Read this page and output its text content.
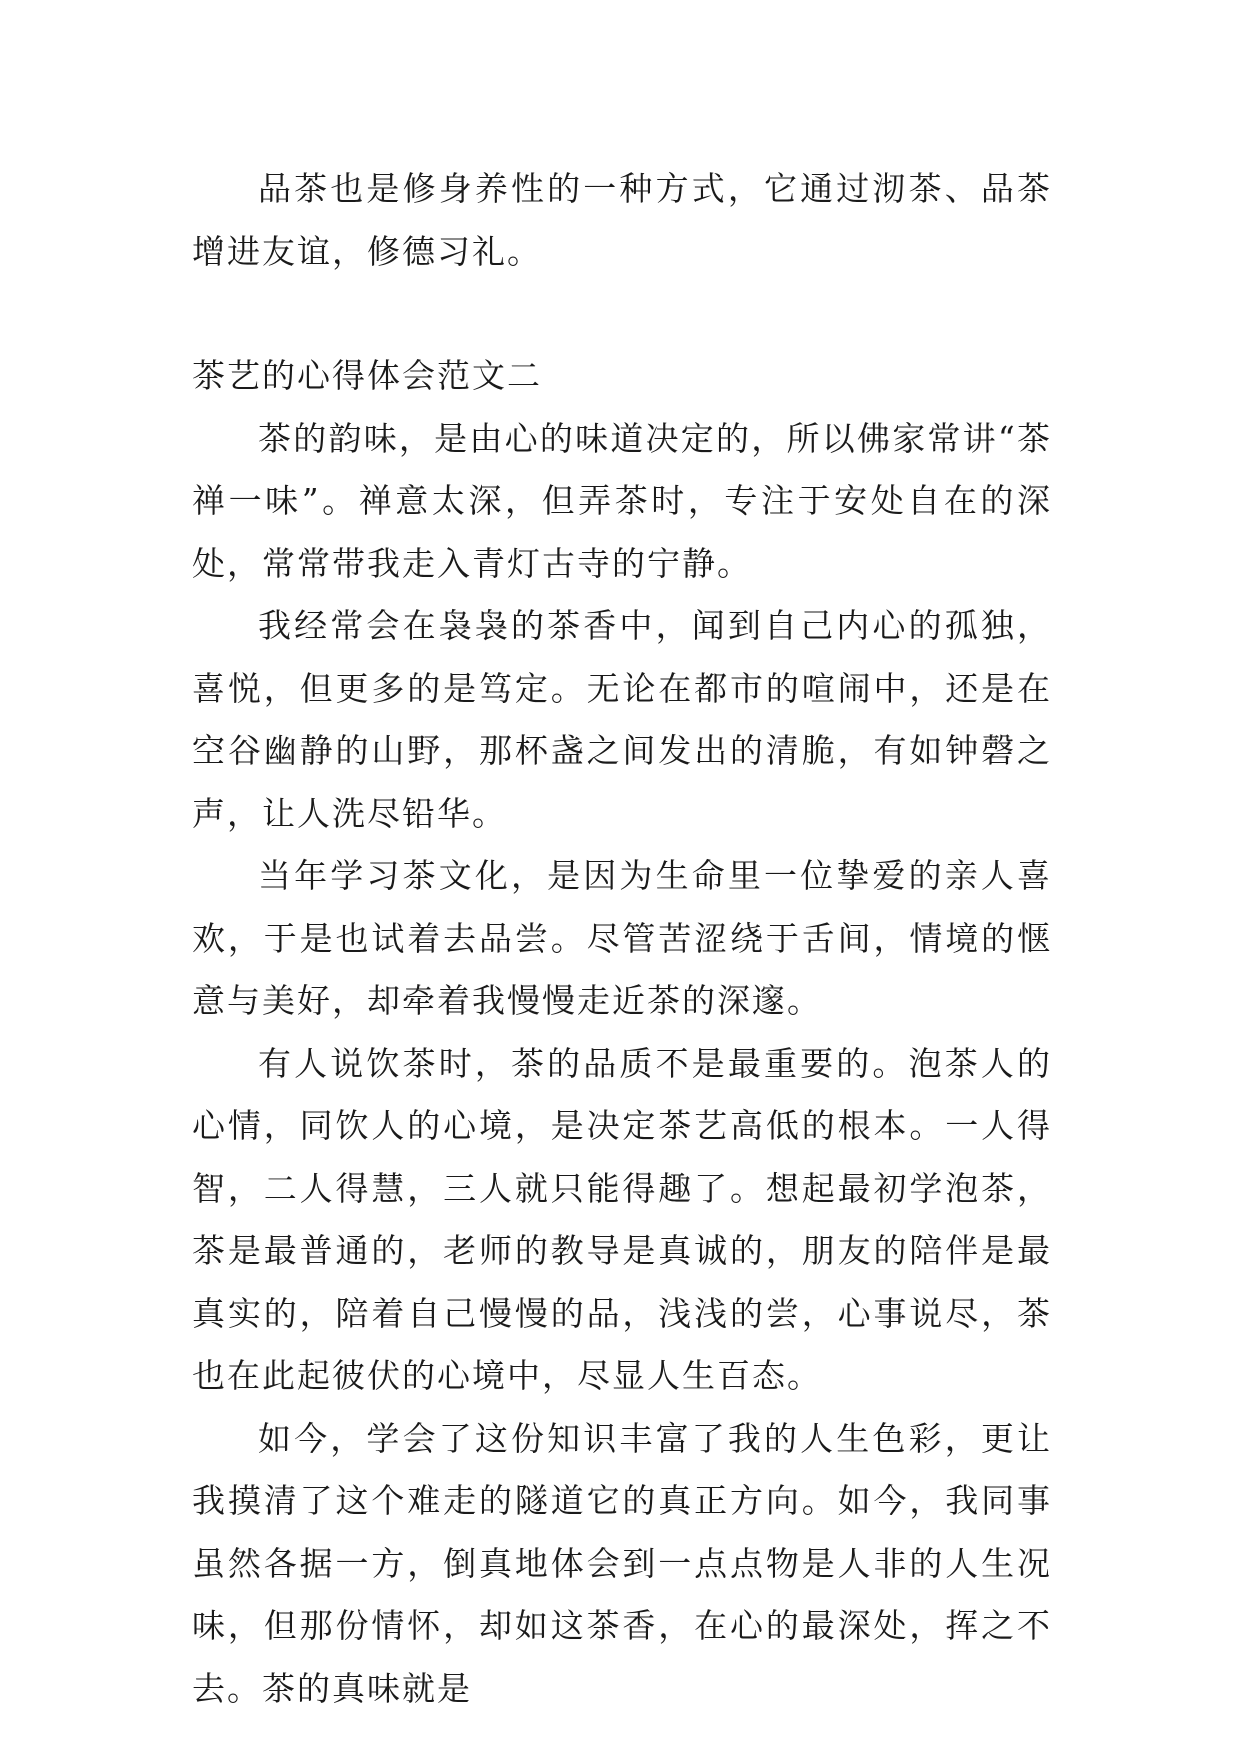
品茶也是修身养性的一种方式，它通过沏茶、品茶增进友谊，修德习礼。

茶艺的心得体会范文二

茶的韵味，是由心的味道决定的，所以佛家常讲“茶禅一味”。禅意太深，但弄茶时，专注于安处自在的深处，常常带我走入青灯古寺的宁静。

我经常会在袅袅的茶香中，闻到自己内心的孤独，喜悦，但更多的是笃定。无论在都市的喧闹中，还是在空谷幽静的山野，那杯盏之间发出的清脆，有如钟磬之声，让人洗尽铅华。

当年学习茶文化，是因为生命里一位挚爱的亲人喜欢，于是也试着去品尝。尽管苦涩绕于舌间，情境的惬意与美好，却牵着我慢慢走近茶的深邃。

有人说饮茶时，茶的品质不是最重要的。泡茶人的心情，同饮人的心境，是决定茶艺高低的根本。一人得智，二人得慧，三人就只能得趣了。想起最初学泡茶，茶是最普通的，老师的教导是真诚的，朋友的陪伴是最真实的，陪着自己慢慢的品，浅浅的尝，心事说尽，茶也在此起彼伏的心境中，尽显人生百态。

如今，学会了这份知识丰富了我的人生色彩，更让我摸清了这个难走的隧道它的真正方向。如今，我同事虽然各据一方，倒真地体会到一点点物是人非的人生况味，但那份情怀，却如这茶香，在心的最深处，挥之不去。茶的真味就是
